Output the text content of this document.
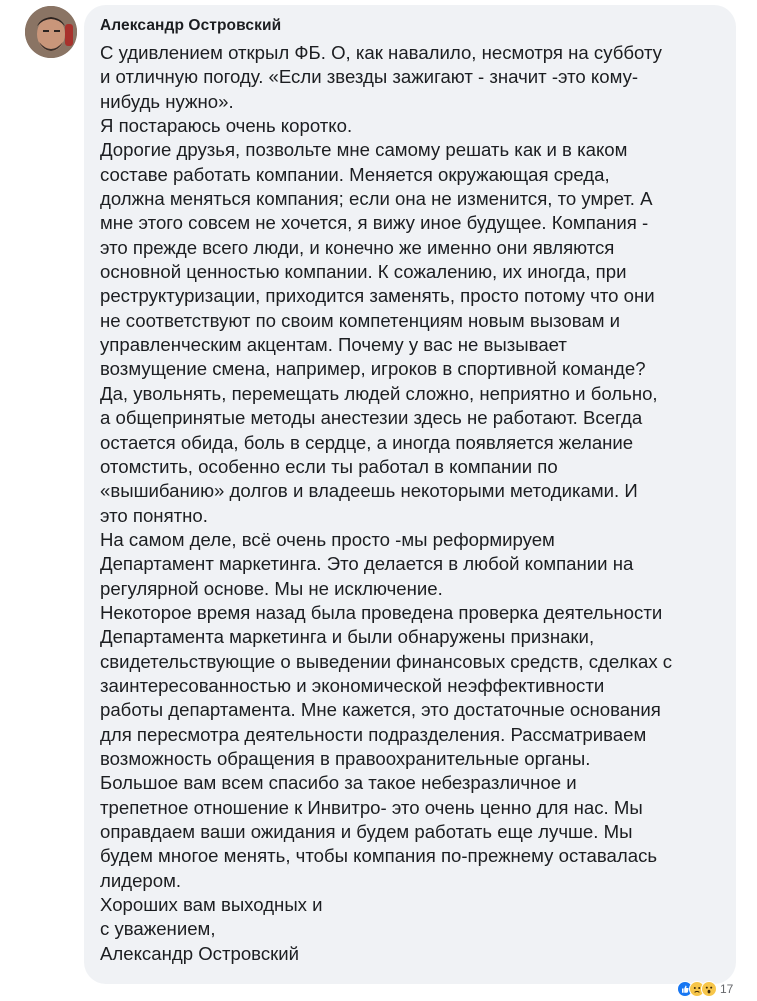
Александр Островский
С удивлением открыл ФБ. О, как навалило, несмотря на субботу
и отличную погоду. «Если звезды зажигают - значит -это кому-
нибудь нужно».
Я постараюсь очень коротко.
Дорогие друзья, позвольте мне самому решать как и в каком
составе работать компании. Меняется окружающая среда,
должна меняться компания; если она не изменится, то умрет. А
мне этого совсем не хочется, я вижу иное будущее. Компания -
это прежде всего люди, и конечно же именно они являются
основной ценностью компании. К сожалению, их иногда, при
реструктуризации, приходится заменять, просто потому что они
не соответствуют по своим компетенциям новым вызовам и
управленческим акцентам. Почему у вас не вызывает
возмущение смена, например, игроков в спортивной команде?
Да, увольнять, перемещать людей сложно, неприятно и больно,
а общепринятые методы анестезии здесь не работают. Всегда
остается обида, боль в сердце, а иногда появляется желание
отомстить, особенно если ты работал в компании по
«вышибанию» долгов и владеешь некоторыми методиками. И
это понятно.
На самом деле, всё очень просто -мы реформируем
Департамент маркетинга. Это делается в любой компании на
регулярной основе. Мы не исключение.
Некоторое время назад была проведена проверка деятельности
Департамента маркетинга и были обнаружены признаки,
свидетельствующие о выведении финансовых средств, сделках с
заинтересованностью и экономической неэффективности
работы департамента. Мне кажется, это достаточные основания
для пересмотра деятельности подразделения. Рассматриваем
возможность обращения в правоохранительные органы.
Большое вам всем спасибо за такое небезразличное и
трепетное отношение к Инвитро- это очень ценно для нас. Мы
оправдаем ваши ожидания и будем работать еще лучше. Мы
будем многое менять, чтобы компания по-прежнему оставалась
лидером.
Хороших вам выходных и
с уважением,
Александр Островский
17
